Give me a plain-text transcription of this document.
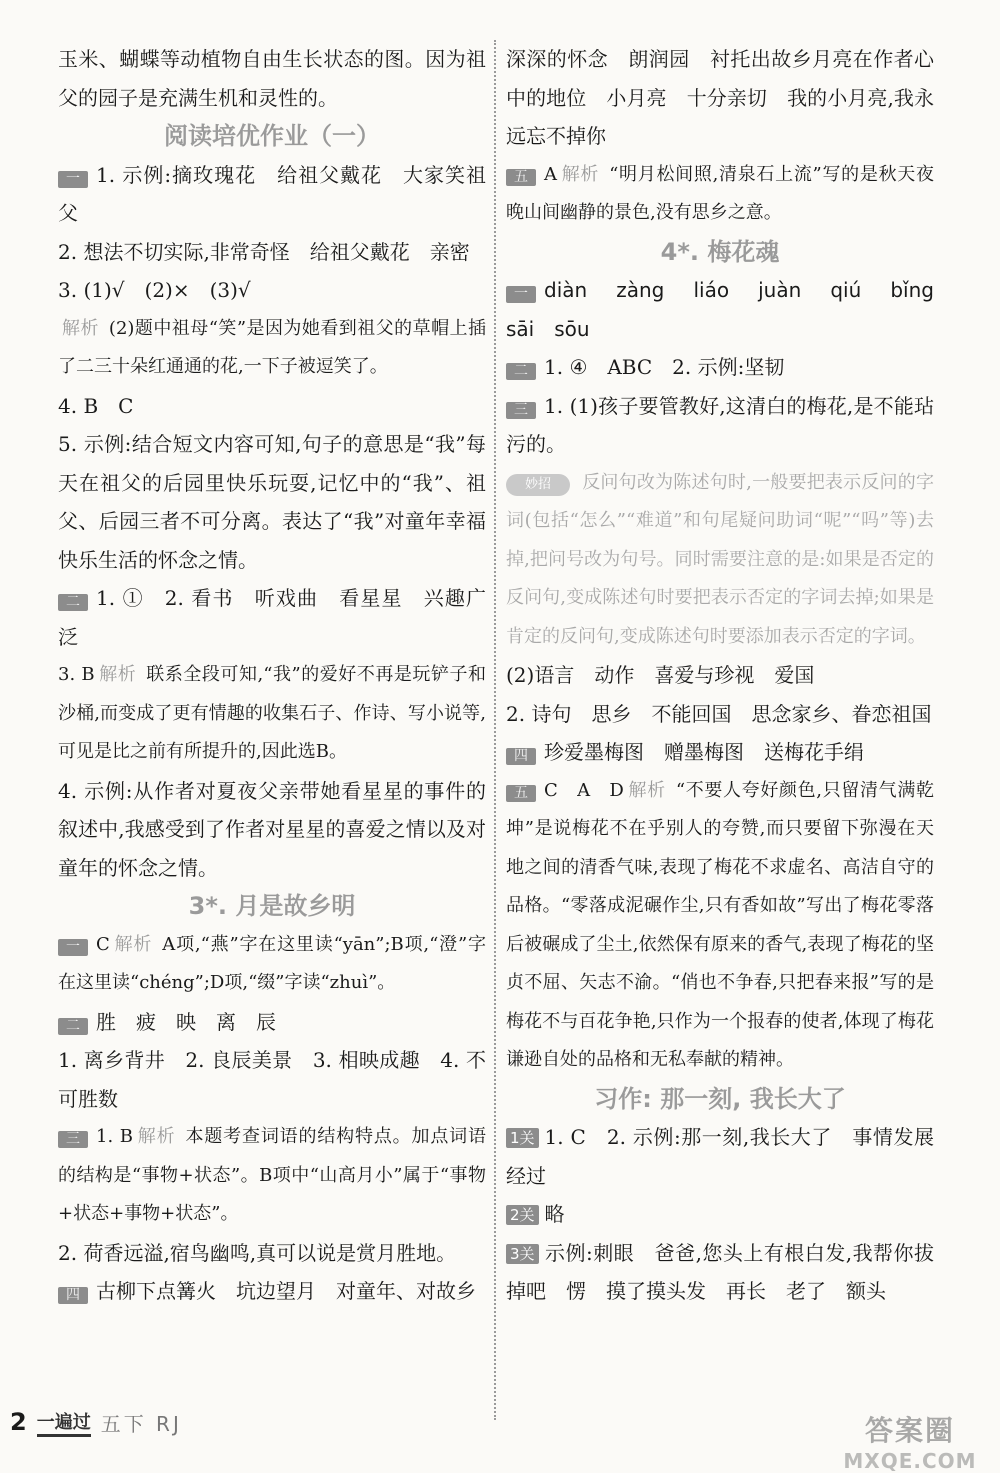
玉米、蝴蝶等动植物自由生长状态的图。因为祖父的园子是充满生机和灵性的。

阅读培优作业（一）

一 1. 示例:摘玫瑰花　给祖父戴花　大家笑祖父

2. 想法不切实际,非常奇怪　给祖父戴花　亲密

3. (1)√　(2)×　(3)√

解析 (2)题中祖母“笑”是因为她看到祖父的草帽上插了二三十朵红通通的花,一下子被逗笑了。

4. B　C

5. 示例:结合短文内容可知,句子的意思是“我”每天在祖父的后园里快乐玩耍,记忆中的“我”、祖父、后园三者不可分离。表达了“我”对童年幸福快乐生活的怀念之情。

二 1. ①　2. 看书　听戏曲　看星星　兴趣广泛

3. B 解析 联系全段可知,“我”的爱好不再是玩铲子和沙桶,而变成了更有情趣的收集石子、作诗、写小说等,可见是比之前有所提升的,因此选B。

4. 示例:从作者对夏夜父亲带她看星星的事件的叙述中,我感受到了作者对星星的喜爱之情以及对童年的怀念之情。

3*. 月是故乡明

一 C 解析 A项,“燕”字在这里读“yān”;B项,“澄”字在这里读“chéng”;D项,“缀”字读“zhuì”。

二 胜　疲　映　离　辰

1. 离乡背井　2. 良辰美景　3. 相映成趣　4. 不可胜数

三 1. B 解析 本题考查词语的结构特点。加点词语的结构是“事物+状态”。B项中“山高月小”属于“事物+状态+事物+状态”。

2. 荷香远溢,宿鸟幽鸣,真可以说是赏月胜地。

四 古柳下点篝火　坑边望月　对童年、对故乡

深深的怀念　朗润园　衬托出故乡月亮在作者心中的地位　小月亮　十分亲切　我的小月亮,我永远忘不掉你

五 A 解析 “明月松间照,清泉石上流”写的是秋天夜晚山间幽静的景色,没有思乡之意。

4*. 梅花魂

一 diàn　zàng　liáo　juàn　qiú　bǐng　sāi　sōu

二 1. ④　ABC　2. 示例:坚韧

三 1. (1)孩子要管教好,这清白的梅花,是不能玷污的。

妙招 反问句改为陈述句时,一般要把表示反问的字词(包括“怎么”“难道”和句尾疑问助词“呢”“吗”等)去掉,把问号改为句号。同时需要注意的是:如果是否定的反问句,变成陈述句时要把表示否定的字词去掉;如果是肯定的反问句,变成陈述句时要添加表示否定的字词。

(2)语言　动作　喜爱与珍视　爱国

2. 诗句　思乡　不能回国　思念家乡、眷恋祖国

四 珍爱墨梅图　赠墨梅图　送梅花手绢

五 C　A　D 解析 “不要人夸好颜色,只留清气满乾坤”是说梅花不在乎别人的夸赞,而只要留下弥漫在天地之间的清香气味,表现了梅花不求虚名、高洁自守的品格。“零落成泥碾作尘,只有香如故”写出了梅花零落后被碾成了尘土,依然保有原来的香气,表现了梅花的坚贞不屈、矢志不渝。“俏也不争春,只把春来报”写的是梅花不与百花争艳,只作为一个报春的使者,体现了梅花谦逊自处的品格和无私奉献的精神。

习作: 那一刻, 我长大了

1关 1. C　2. 示例:那一刻,我长大了　事情发展经过

2关 略

3关 示例:刺眼　爸爸,您头上有根白发,我帮你拔掉吧　愣　摸了摸头发　再长　老了　额头

2 一遍过 五下 RJ	答案圈
MXQE.COM
